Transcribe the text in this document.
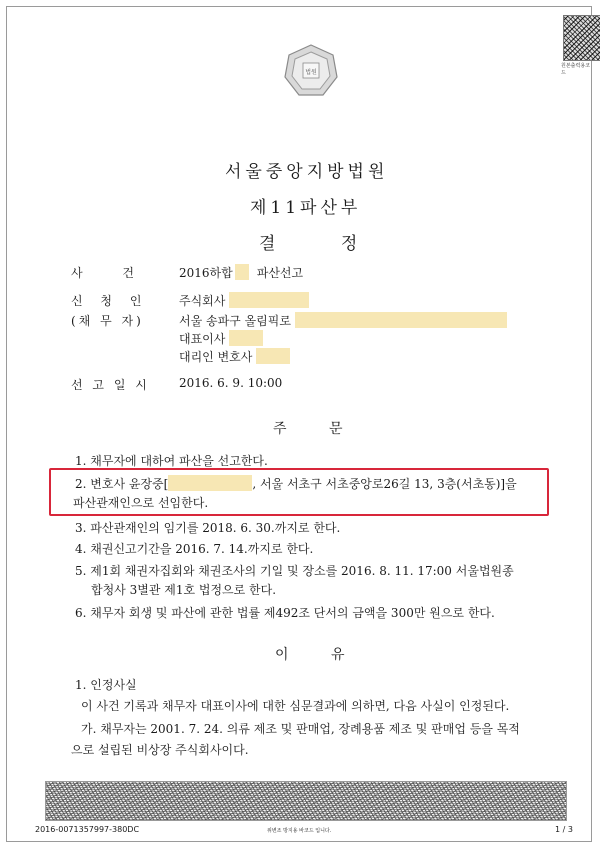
원본출력용코드
법원
서울중앙지방법원
제11파산부
결 정
사 건 2016하합 파산선고
신 청 인	주식회사
(채 무 자)	서울 송파구 올림픽로
대표이사
대리인 변호사
선 고 일 시 2016. 6. 9. 10:00
주 문
1. 채무자에 대하여 파산을 선고한다.
2. 변호사 윤장중[	, 서울 서초구 서초중앙로26길 13, 3층(서초동)]을
파산관재인으로 선임한다.
3. 파산관재인의 임기를 2018. 6. 30.까지로 한다.
4. 채권신고기간을 2016. 7. 14.까지로 한다.
5. 제1회 채권자집회와 채권조사의 기일 및 장소를 2016. 8. 11. 17:00 서울법원종
합청사 3별관 제1호 법정으로 한다.
6. 채무자 회생 및 파산에 관한 법률 제492조 단서의 금액을 300만 원으로 한다.
이 유
1. 인정사실
이 사건 기록과 채무자 대표이사에 대한 심문결과에 의하면, 다음 사실이 인정된다.
가. 채무자는 2001. 7. 24. 의류 제조 및 판매업, 장례용품 제조 및 판매업 등을 목적
으로 설립된 비상장 주식회사이다.
2016-0071357997-380DC	위변조 방지용 바코드 입니다.	1 / 3
